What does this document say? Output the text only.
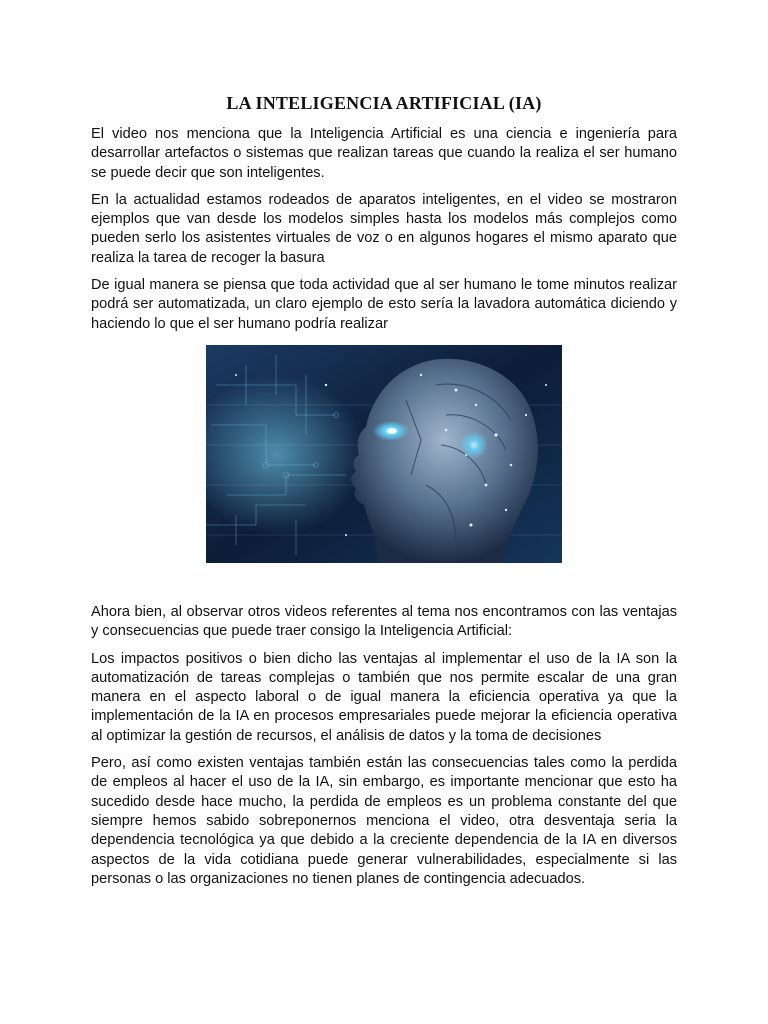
LA INTELIGENCIA ARTIFICIAL (IA)

El video nos menciona que la Inteligencia Artificial es una ciencia e ingeniería para desarrollar artefactos o sistemas que realizan tareas que cuando la realiza el ser humano se puede decir que son inteligentes.

En la actualidad estamos rodeados de aparatos inteligentes, en el video se mostraron ejemplos que van desde los modelos simples hasta los modelos más complejos como pueden serlo los asistentes virtuales de voz o en algunos hogares el mismo aparato que realiza la tarea de recoger la basura

De igual manera se piensa que toda actividad que al ser humano le tome minutos realizar podrá ser automatizada, un claro ejemplo de esto sería la lavadora automática diciendo y haciendo lo que el ser humano podría realizar

Ahora bien, al observar otros videos referentes al tema nos encontramos con las ventajas y consecuencias que puede traer consigo la Inteligencia Artificial:

Los impactos positivos o bien dicho las ventajas al implementar el uso de la IA son la automatización de tareas complejas o también que nos permite escalar de una gran manera en el aspecto laboral o de igual manera la eficiencia operativa ya que la implementación de la IA en procesos empresariales puede mejorar la eficiencia operativa al optimizar la gestión de recursos, el análisis de datos y la toma de decisiones

Pero, así como existen ventajas también están las consecuencias tales como la perdida de empleos al hacer el uso de la IA, sin embargo, es importante mencionar que esto ha sucedido desde hace mucho, la perdida de empleos es un problema constante del que siempre hemos sabido sobreponernos menciona el video, otra desventaja seria la dependencia tecnológica ya que debido a la creciente dependencia de la IA en diversos aspectos de la vida cotidiana puede generar vulnerabilidades, especialmente si las personas o las organizaciones no tienen planes de contingencia adecuados.
